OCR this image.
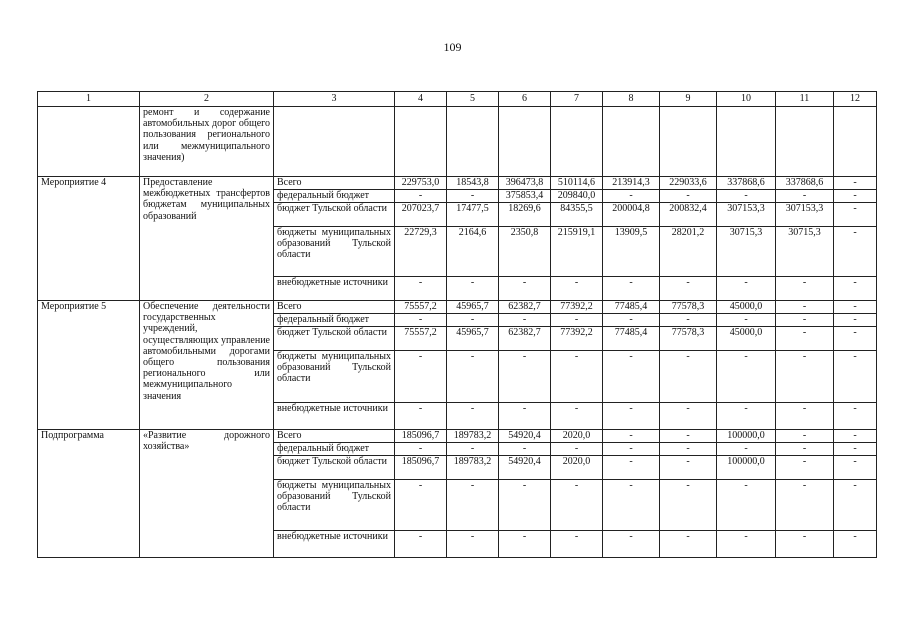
109
1	2	3	4	5	6	7	8	9	10	11	12
	ремонт и содержание автомобильных дорог общего пользования регионального или межмуниципального значения)										
Мероприятие 4	Предоставление межбюджетных трансфертов бюджетам муниципальных образований	Всего	229753,0	18543,8	396473,8	510114,6	213914,3	229033,6	337868,6	337868,6	-
		федеральный бюджет	-	-	375853,4	209840,0	-	-	-	-	-
		бюджет Тульской области	207023,7	17477,5	18269,6	84355,5	200004,8	200832,4	307153,3	307153,3	-
		бюджеты муниципальных образований Тульской области	22729,3	2164,6	2350,8	215919,1	13909,5	28201,2	30715,3	30715,3	-
		внебюджетные источники	-	-	-	-	-	-	-	-	-
Мероприятие 5	Обеспечение деятельности государственных учреждений, осуществляющих управление автомобильными дорогами общего пользования регионального или межмуниципального значения	Всего	75557,2	45965,7	62382,7	77392,2	77485,4	77578,3	45000,0	-	-
		федеральный бюджет	-	-	-	-	-	-	-	-	-
		бюджет Тульской области	75557,2	45965,7	62382,7	77392,2	77485,4	77578,3	45000,0	-	-
		бюджеты муниципальных образований Тульской области	-	-	-	-	-	-	-	-	-
		внебюджетные источники	-	-	-	-	-	-	-	-	-
Подпрограмма	«Развитие дорожного хозяйства»	Всего	185096,7	189783,2	54920,4	2020,0	-	-	100000,0	-	-
		федеральный бюджет	-	-	-	-	-	-	-	-	-
		бюджет Тульской области	185096,7	189783,2	54920,4	2020,0	-	-	100000,0	-	-
		бюджеты муниципальных образований Тульской области	-	-	-	-	-	-	-	-	-
		внебюджетные источники	-	-	-	-	-	-	-	-	-
